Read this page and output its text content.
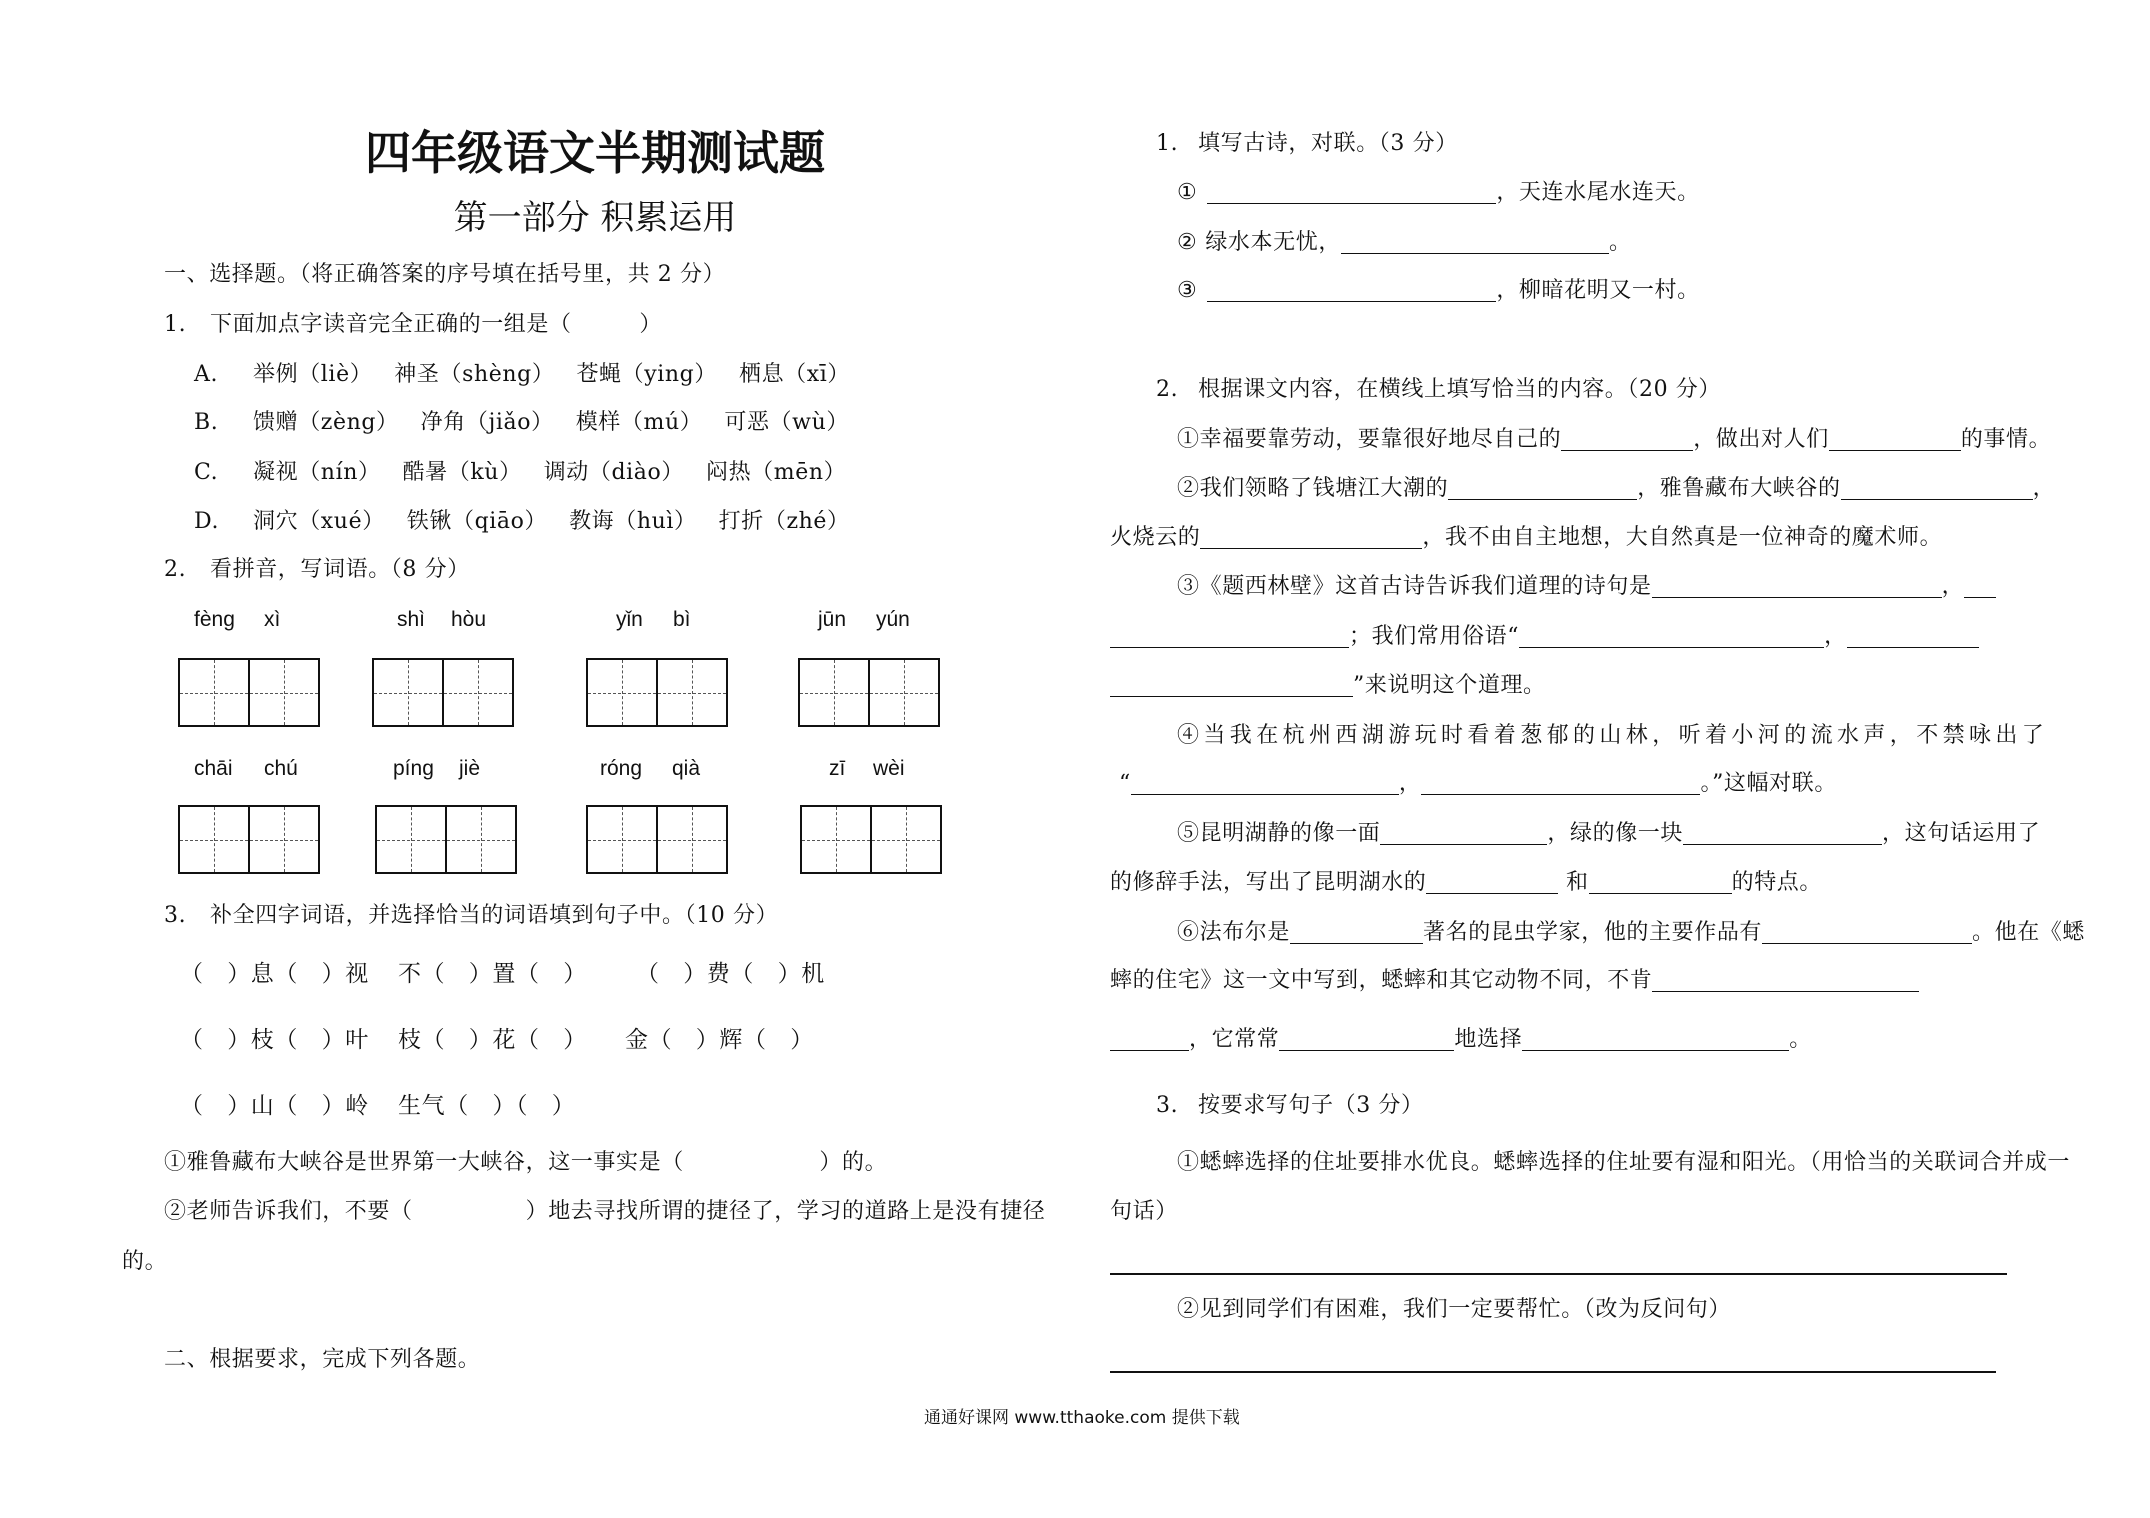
四年级语文半期测试题
第一部分 积累运用
一、选择题。（将正确答案的序号填在括号里，共 2 分）
1.	下面加点字读音完全正确的一组是（　　　）
A.	举例（liè） 神圣（shèng） 苍蝇（ying） 栖息（xī）
B.	馈赠（zèng） 净角（jiǎo） 模样（mú） 可恶（wù）
C.	凝视（nín） 酷暑（kù） 调动（diào） 闷热（mēn）
D.	洞穴（xué） 铁锹（qiāo） 教诲（huì） 打折（zhé）
2.	看拼音，写词语。（8 分）
fèng xì	shì hòu	yǐn bì	jūn yún
chāi chú	píng jiè	róng qià	zī wèi
3.	补全四字词语，并选择恰当的词语填到句子中。（10 分）
（　）息（　）视 不（　）置（　） （　）费（　）机
（　）枝（　）叶 枝（　）花（　） 金（　）辉（　）
（　）山（　）岭 生气（　）（　）
①雅鲁藏布大峡谷是世界第一大峡谷，这一事实是（　　　　　　）的。
②老师告诉我们，不要（　　　　　）地去寻找所谓的捷径了，学习的道路上是没有捷径
的。
二、根据要求，完成下列各题。
1. 填写古诗，对联。（3 分）
①	，天连水尾水连天。
② 绿水本无忧，	。
③	，柳暗花明又一村。
2. 根据课文内容，在横线上填写恰当的内容。（20 分）
①幸福要靠劳动，要靠很好地尽自己的	，做出对人们	的事情。
②我们领略了钱塘江大潮的	，雅鲁藏布大峡谷的	，
火烧云的	，我不由自主地想，大自然真是一位神奇的魔术师。
③《题西林壁》这首古诗告诉我们道理的诗句是	，
；我们常用俗语“	，
”来说明这个道理。
④当我在杭州西湖游玩时看着葱郁的山林，听着小河的流水声，不禁咏出了
“	，	。”这幅对联。
⑤昆明湖静的像一面	，绿的像一块	，这句话运用了
的修辞手法，写出了昆明湖水的	和	的特点。
⑥法布尔是	著名的昆虫学家，他的主要作品有	。他在《蟋
蟀的住宅》这一文中写到，蟋蟀和其它动物不同，不肯
，它常常	地选择	。
3. 按要求写句子（3 分）
①蟋蟀选择的住址要排水优良。蟋蟀选择的住址要有湿和阳光。（用恰当的关联词合并成一
句话）
②见到同学们有困难，我们一定要帮忙。（改为反问句）
通通好课网 www.tthaoke.com 提供下载
